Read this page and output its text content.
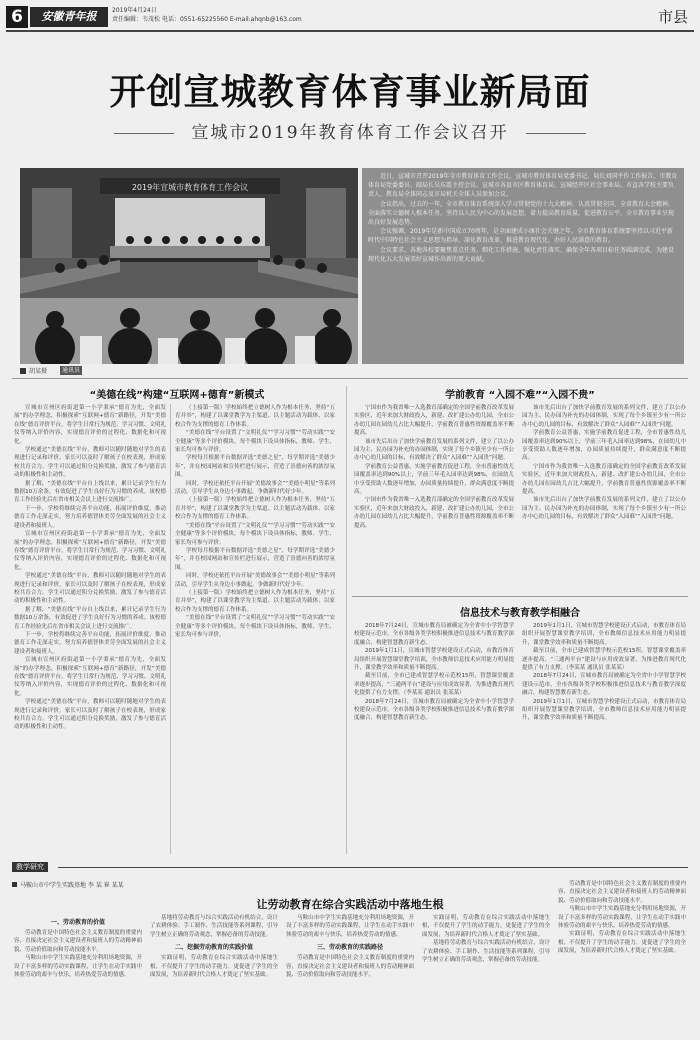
6	安徽青年报	2019年4月24日
责任编辑：韦茂松 电话：0551-65225560 E-mail:ahqnb@163.com	市县
开创宣城教育体育事业新局面
宣城市2019年教育体育工作会议召开
2019年宣城市教育体育工作会议
胡某摄	通讯员

近日，宣城市召开2019年全市教育体育工作会议。宣城市教育体育局党委书记、局长刘国平作工作报告，市教育体育局党委委员、副局长吴东霞主持会议。宣城市各县市区教育体育局、宣城经开区社会事业局、市直各学校主要负责人、教育局全体同志及市局机关全体人员参加会议。

会议指出，过去的一年，全市教育体育系统深入学习贯彻党的十九大精神，认真贯彻全国、全省教育大会精神，全面落实立德树人根本任务，坚持以人民为中心的发展思想，着力提高教育质量，促进教育公平，全市教育事业呈现出良好发展态势。

会议强调，2019年是新中国成立70周年，是全面建成小康社会关键之年。全市教育体育系统要坚持以习近平新时代中国特色社会主义思想为指导，深化教育改革，推进教育现代化，办好人民满意的教育。

会议要求，各地各校要聚焦重点任务，细化工作措施，强化责任落实，确保全年各项目标任务圆满完成，为建设现代化五大发展美好宣城作出新的更大贡献。

“美德在线”构建“互联网+德育”新模式

宣城市宣州区府街道第一小学秉承“德育为先，全面发展”的办学理念，积极探索“互联网+德育”新路径，开发“美德在线”德育评价平台，将学生日常行为规范、学习习惯、文明礼仪等纳入评价内容，实现德育评价的过程化、数据化和可视化。

学校通过“美德在线”平台，教师可以随时随地对学生的表现进行记录和评价，家长可以及时了解孩子在校表现，形成家校共育合力。学生可以通过积分兑换奖励，激发了参与德育活动的积极性和主动性。

据了解，“美德在线”平台自上线以来，累计记录学生行为数据10万余条，有效促进了学生良好行为习惯的养成。该校德育工作经验先后在省市相关会议上进行交流推广。

下一步，学校将继续完善平台功能，拓展评价维度，推动德育工作走深走实，努力培养德智体美劳全面发展的社会主义建设者和接班人。

宣城市宣州区府街道第一小学秉承“德育为先，全面发展”的办学理念，积极探索“互联网+德育”新路径，开发“美德在线”德育评价平台，将学生日常行为规范、学习习惯、文明礼仪等纳入评价内容，实现德育评价的过程化、数据化和可视化。

学校通过“美德在线”平台，教师可以随时随地对学生的表现进行记录和评价，家长可以及时了解孩子在校表现，形成家校共育合力。学生可以通过积分兑换奖励，激发了参与德育活动的积极性和主动性。

据了解，“美德在线”平台自上线以来，累计记录学生行为数据10万余条，有效促进了学生良好行为习惯的养成。该校德育工作经验先后在省市相关会议上进行交流推广。

下一步，学校将继续完善平台功能，拓展评价维度，推动德育工作走深走实，努力培养德智体美劳全面发展的社会主义建设者和接班人。

宣城市宣州区府街道第一小学秉承“德育为先，全面发展”的办学理念，积极探索“互联网+德育”新路径，开发“美德在线”德育评价平台，将学生日常行为规范、学习习惯、文明礼仪等纳入评价内容，实现德育评价的过程化、数据化和可视化。

学校通过“美德在线”平台，教师可以随时随地对学生的表现进行记录和评价，家长可以及时了解孩子在校表现，形成家校共育合力。学生可以通过积分兑换奖励，激发了参与德育活动的积极性和主动性。

（上接第一版）学校始终把立德树人作为根本任务，坚持“五育并举”，构建了以课堂教学为主渠道、以主题活动为载体、以家校合作为支撑的德育工作体系。

“美德在线”平台设置了“文明礼仪”“学习习惯”“劳动实践”“安全健康”等多个评价模块，每个模块下设具体指标，教师、学生、家长均可参与评价。

学校每月根据平台数据评选“美德之星”，每学期评选“美德少年”，并在校园网站和宣传栏进行展示，营造了崇德向善的浓厚氛围。

同时，学校还依托平台开展“美德故事会”“美德小明星”等系列活动，引导学生从身边小事做起，争做新时代好少年。

（上接第一版）学校始终把立德树人作为根本任务，坚持“五育并举”，构建了以课堂教学为主渠道、以主题活动为载体、以家校合作为支撑的德育工作体系。

“美德在线”平台设置了“文明礼仪”“学习习惯”“劳动实践”“安全健康”等多个评价模块，每个模块下设具体指标，教师、学生、家长均可参与评价。

学校每月根据平台数据评选“美德之星”，每学期评选“美德少年”，并在校园网站和宣传栏进行展示，营造了崇德向善的浓厚氛围。

同时，学校还依托平台开展“美德故事会”“美德小明星”等系列活动，引导学生从身边小事做起，争做新时代好少年。

（上接第一版）学校始终把立德树人作为根本任务，坚持“五育并举”，构建了以课堂教学为主渠道、以主题活动为载体、以家校合作为支撑的德育工作体系。

“美德在线”平台设置了“文明礼仪”“学习习惯”“劳动实践”“安全健康”等多个评价模块，每个模块下设具体指标，教师、学生、家长均可参与评价。

学前教育 “入园不难”“入园不贵”

宁国市作为我省唯一入选教育部确定的全国学前教育改革发展实验区，近年来加大财政投入，新建、改扩建公办幼儿园，全市公办幼儿园在园幼儿占比大幅提升，学前教育普惠性资源覆盖率不断提高。

该市先后出台了加快学前教育发展的系列文件，建立了以公办园为主、民办园为补充的办园体制，实现了每个乡镇至少有一所公办中心幼儿园的目标，有效解决了群众“入园难”“入园贵”问题。

学前教育公益普惠，实施学前教育促进工程，全市普惠性幼儿园覆盖率达到90%以上，学前三年毛入园率达到98%，在园幼儿中享受资助人数逐年增加，办园质量持续提升，群众满意度不断提高。

宁国市作为我省唯一入选教育部确定的全国学前教育改革发展实验区，近年来加大财政投入，新建、改扩建公办幼儿园，全市公办幼儿园在园幼儿占比大幅提升，学前教育普惠性资源覆盖率不断提高。

该市先后出台了加快学前教育发展的系列文件，建立了以公办园为主、民办园为补充的办园体制，实现了每个乡镇至少有一所公办中心幼儿园的目标，有效解决了群众“入园难”“入园贵”问题。

学前教育公益普惠，实施学前教育促进工程，全市普惠性幼儿园覆盖率达到90%以上，学前三年毛入园率达到98%，在园幼儿中享受资助人数逐年增加，办园质量持续提升，群众满意度不断提高。

宁国市作为我省唯一入选教育部确定的全国学前教育改革发展实验区，近年来加大财政投入，新建、改扩建公办幼儿园，全市公办幼儿园在园幼儿占比大幅提升，学前教育普惠性资源覆盖率不断提高。

该市先后出台了加快学前教育发展的系列文件，建立了以公办园为主、民办园为补充的办园体制，实现了每个乡镇至少有一所公办中心幼儿园的目标，有效解决了群众“入园难”“入园贵”问题。

信息技术与教育教学相融合

2018年7月24日，宣城市教育局被确定为全省中小学智慧学校建设示范市，全市各级各类学校积极推进信息技术与教育教学深度融合，构建智慧教育新生态。

2019年1月1日，宣城市智慧学校建设正式启动，市教育体育局组织开展智慧课堂教学培训，全市教师信息技术应用能力明显提升，课堂教学效率和质量不断提高。

截至目前，全市已建成智慧学校示范校15所，智慧课堂覆盖率逐步提高，“三通两平台”建设与应用成效显著，为推进教育现代化提供了有力支撑。（李某某 通讯员 张某某）

2018年7月24日，宣城市教育局被确定为全省中小学智慧学校建设示范市，全市各级各类学校积极推进信息技术与教育教学深度融合，构建智慧教育新生态。

2019年1月1日，宣城市智慧学校建设正式启动，市教育体育局组织开展智慧课堂教学培训，全市教师信息技术应用能力明显提升，课堂教学效率和质量不断提高。

截至目前，全市已建成智慧学校示范校15所，智慧课堂覆盖率逐步提高，“三通两平台”建设与应用成效显著，为推进教育现代化提供了有力支撑。（李某某 通讯员 张某某）

2018年7月24日，宣城市教育局被确定为全省中小学智慧学校建设示范市，全市各级各类学校积极推进信息技术与教育教学深度融合，构建智慧教育新生态。

2019年1月1日，宣城市智慧学校建设正式启动，市教育体育局组织开展智慧课堂教学培训，全市教师信息技术应用能力明显提升，课堂教学效率和质量不断提高。

教学研究
马鞍山市中学生实践基地 李 某 崔 某某
让劳动教育在综合实践活动中落地生根
一、劳动教育的价值

劳动教育是中国特色社会主义教育制度的重要内容，直接决定社会主义建设者和接班人的劳动精神面貌、劳动价值取向和劳动技能水平。

马鞍山市中学生实践基地充分利用场地资源，开设了丰富多样的劳动实践课程，让学生在动手实践中体验劳动的艰辛与快乐，培养热爱劳动的情感。

基地将劳动教育与综合实践活动有机结合，设计了农耕体验、手工制作、生活技能等系列课程，引导学生树立正确的劳动观念，掌握必备的劳动技能。

二、挖掘劳动教育的实践价值

实践证明，劳动教育在综合实践活动中落地生根，不仅提升了学生的动手能力，更促进了学生的全面发展，为培养新时代合格人才奠定了坚实基础。

马鞍山市中学生实践基地充分利用场地资源，开设了丰富多样的劳动实践课程，让学生在动手实践中体验劳动的艰辛与快乐，培养热爱劳动的情感。

三、劳动教育的实践路径

劳动教育是中国特色社会主义教育制度的重要内容，直接决定社会主义建设者和接班人的劳动精神面貌、劳动价值取向和劳动技能水平。

实践证明，劳动教育在综合实践活动中落地生根，不仅提升了学生的动手能力，更促进了学生的全面发展，为培养新时代合格人才奠定了坚实基础。

基地将劳动教育与综合实践活动有机结合，设计了农耕体验、手工制作、生活技能等系列课程，引导学生树立正确的劳动观念，掌握必备的劳动技能。

劳动教育是中国特色社会主义教育制度的重要内容，直接决定社会主义建设者和接班人的劳动精神面貌、劳动价值取向和劳动技能水平。

马鞍山市中学生实践基地充分利用场地资源，开设了丰富多样的劳动实践课程，让学生在动手实践中体验劳动的艰辛与快乐，培养热爱劳动的情感。

实践证明，劳动教育在综合实践活动中落地生根，不仅提升了学生的动手能力，更促进了学生的全面发展，为培养新时代合格人才奠定了坚实基础。
